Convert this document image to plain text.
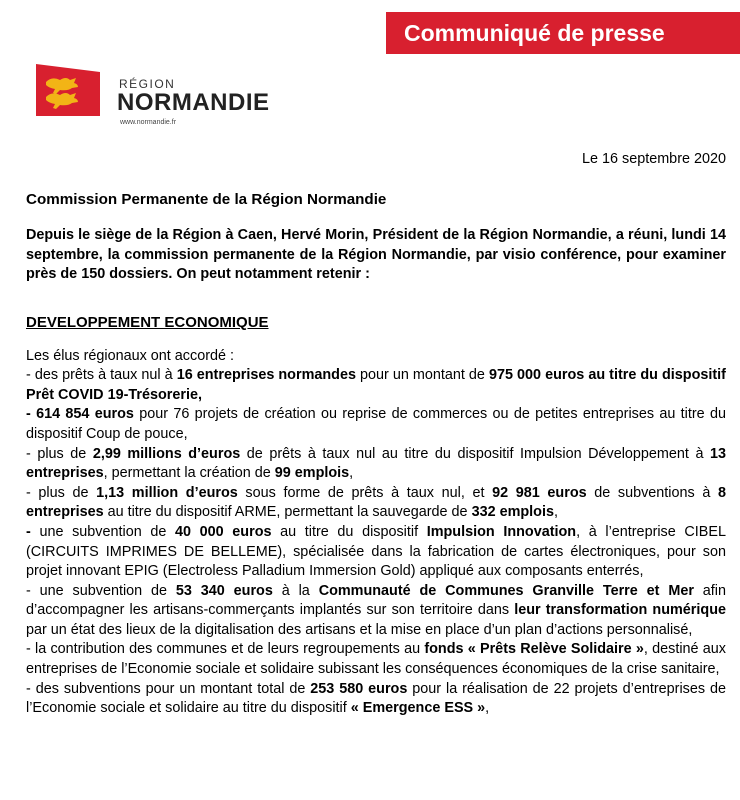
Communiqué de presse
RÉGION
NORMANDIE
www.normandie.fr

Le 16 septembre 2020

Commission Permanente de la Région Normandie

Depuis le siège de la Région à Caen, Hervé Morin, Président de la Région Normandie, a réuni, lundi 14 septembre, la commission permanente de la Région Normandie, par visio conférence, pour examiner près de 150 dossiers. On peut notamment retenir :

DEVELOPPEMENT ECONOMIQUE

Les élus régionaux ont accordé :

- des prêts à taux nul à 16 entreprises normandes pour un montant de 975 000 euros au titre du dispositif Prêt COVID 19-Trésorerie,

- 614 854 euros pour 76 projets de création ou reprise de commerces ou de petites entreprises au titre du dispositif Coup de pouce,

- plus de 2,99 millions d’euros de prêts à taux nul au titre du dispositif Impulsion Développement à 13 entreprises, permettant la création de 99 emplois,

- plus de 1,13 million d’euros sous forme de prêts à taux nul, et 92 981 euros de subventions à 8 entreprises au titre du dispositif ARME, permettant la sauvegarde de 332 emplois,

- une subvention de 40 000 euros au titre du dispositif Impulsion Innovation, à l’entreprise CIBEL (CIRCUITS IMPRIMES DE BELLEME), spécialisée dans la fabrication de cartes électroniques, pour son projet innovant EPIG (Electroless Palladium Immersion Gold) appliqué aux composants enterrés,

- une subvention de 53 340 euros à la Communauté de Communes Granville Terre et Mer afin d’accompagner les artisans-commerçants implantés sur son territoire dans leur transformation numérique par un état des lieux de la digitalisation des artisans et la mise en place d’un plan d’actions personnalisé,

- la contribution des communes et de leurs regroupements au fonds « Prêts Relève Solidaire », destiné aux entreprises de l’Economie sociale et solidaire subissant les conséquences économiques de la crise sanitaire,

- des subventions pour un montant total de 253 580 euros pour la réalisation de 22 projets d’entreprises de l’Economie sociale et solidaire au titre du dispositif « Emergence ESS »,
